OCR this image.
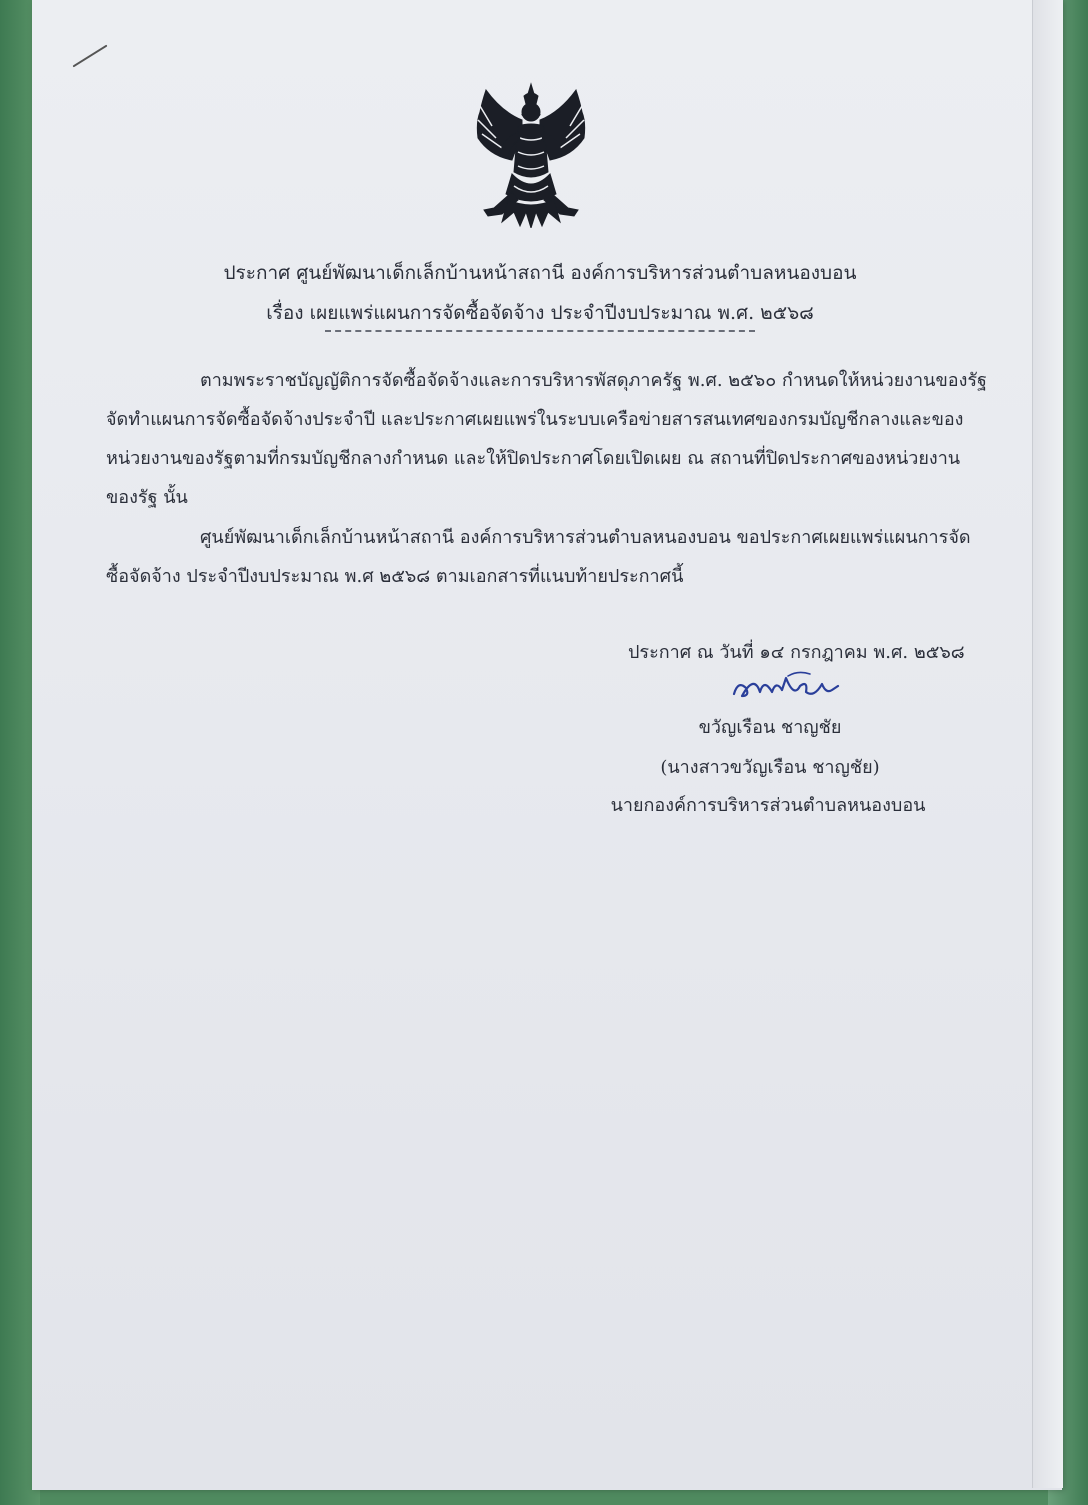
ประกาศ ศูนย์พัฒนาเด็กเล็กบ้านหน้าสถานี องค์การบริหารส่วนตำบลหนองบอน
เรื่อง เผยแพร่แผนการจัดซื้อจัดจ้าง ประจำปีงบประมาณ พ.ศ. ๒๕๖๘
ตามพระราชบัญญัติการจัดซื้อจัดจ้างและการบริหารพัสดุภาครัฐ พ.ศ. ๒๕๖๐ กำหนดให้หน่วยงานของรัฐ
จัดทำแผนการจัดซื้อจัดจ้างประจำปี และประกาศเผยแพร่ในระบบเครือข่ายสารสนเทศของกรมบัญชีกลางและของ
หน่วยงานของรัฐตามที่กรมบัญชีกลางกำหนด และให้ปิดประกาศโดยเปิดเผย ณ สถานที่ปิดประกาศของหน่วยงาน
ของรัฐ นั้น
ศูนย์พัฒนาเด็กเล็กบ้านหน้าสถานี องค์การบริหารส่วนตำบลหนองบอน ขอประกาศเผยแพร่แผนการจัด
ซื้อจัดจ้าง ประจำปีงบประมาณ พ.ศ ๒๕๖๘ ตามเอกสารที่แนบท้ายประกาศนี้
ประกาศ ณ วันที่ ๑๔ กรกฎาคม พ.ศ. ๒๕๖๘
ขวัญเรือน ชาญชัย
(นางสาวขวัญเรือน ชาญชัย)
นายกองค์การบริหารส่วนตำบลหนองบอน
